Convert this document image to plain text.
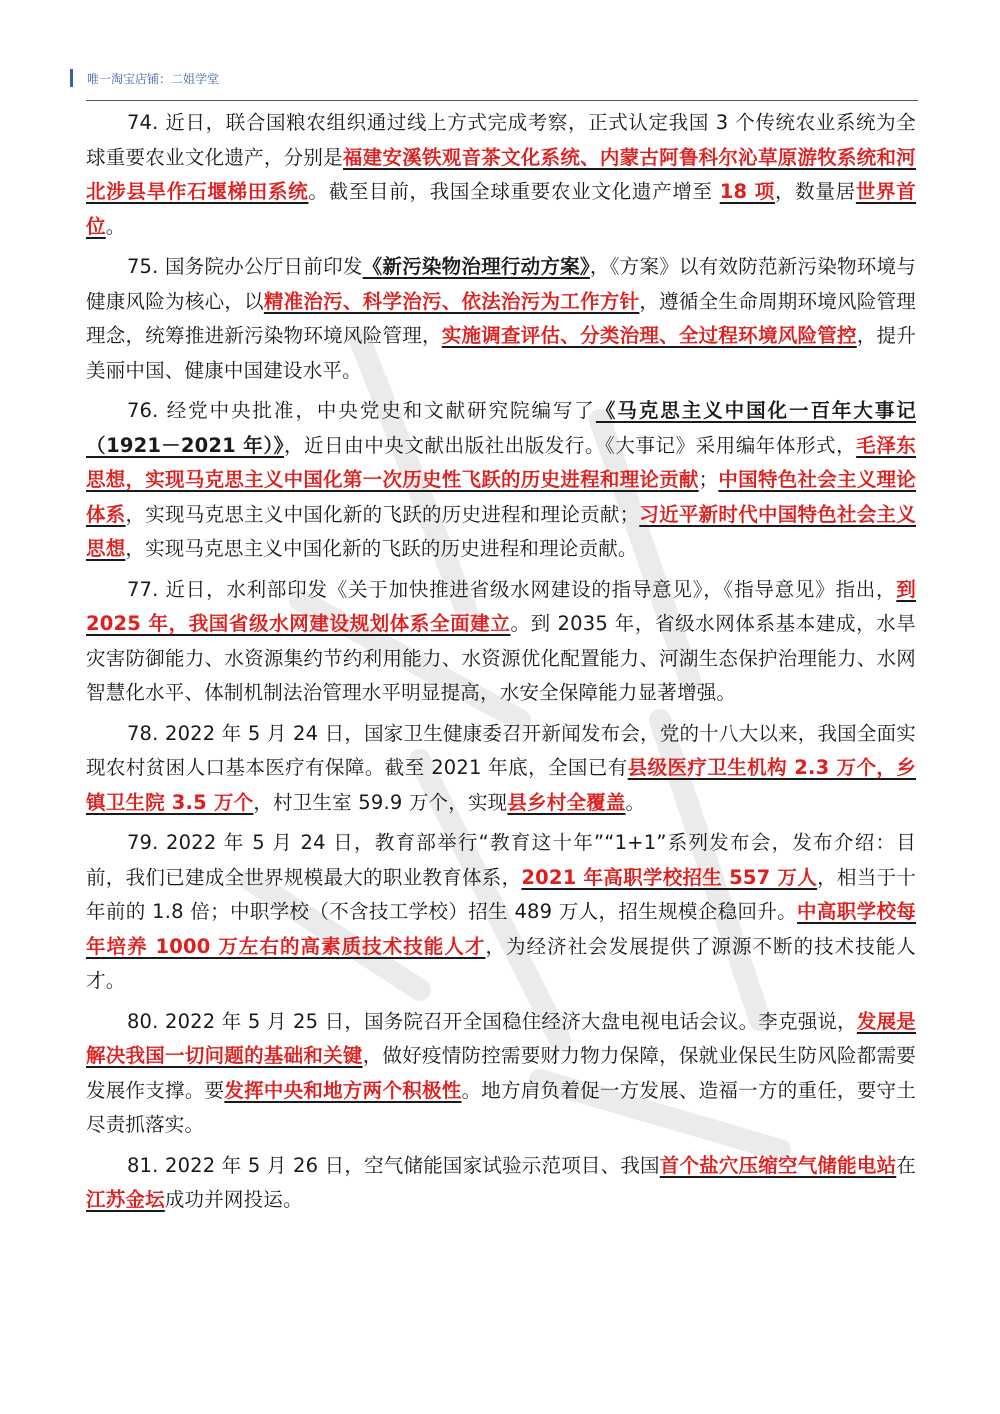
唯一淘宝店铺：二姐学堂

74. 近日，联合国粮农组织通过线上方式完成考察，正式认定我国 3 个传统农业系统为全球重要农业文化遗产，分别是福建安溪铁观音茶文化系统、内蒙古阿鲁科尔沁草原游牧系统和河北涉县旱作石堰梯田系统。截至目前，我国全球重要农业文化遗产增至 18 项，数量居世界首位。

75. 国务院办公厅日前印发《新污染物治理行动方案》，《方案》以有效防范新污染物环境与健康风险为核心，以精准治污、科学治污、依法治污为工作方针，遵循全生命周期环境风险管理理念，统筹推进新污染物环境风险管理，实施调查评估、分类治理、全过程环境风险管控，提升美丽中国、健康中国建设水平。

76. 经党中央批准，中央党史和文献研究院编写了《马克思主义中国化一百年大事记（1921－2021 年）》，近日由中央文献出版社出版发行。《大事记》采用编年体形式，毛泽东思想，实现马克思主义中国化第一次历史性飞跃的历史进程和理论贡献；中国特色社会主义理论体系，实现马克思主义中国化新的飞跃的历史进程和理论贡献；习近平新时代中国特色社会主义思想，实现马克思主义中国化新的飞跃的历史进程和理论贡献。

77. 近日，水利部印发《关于加快推进省级水网建设的指导意见》，《指导意见》指出，到 2025 年，我国省级水网建设规划体系全面建立。到 2035 年，省级水网体系基本建成，水旱灾害防御能力、水资源集约节约利用能力、水资源优化配置能力、河湖生态保护治理能力、水网智慧化水平、体制机制法治管理水平明显提高，水安全保障能力显著增强。

78. 2022 年 5 月 24 日，国家卫生健康委召开新闻发布会，党的十八大以来，我国全面实现农村贫困人口基本医疗有保障。截至 2021 年底，全国已有县级医疗卫生机构 2.3 万个，乡镇卫生院 3.5 万个，村卫生室 59.9 万个，实现县乡村全覆盖。

79. 2022 年 5 月 24 日，教育部举行“教育这十年”“1+1”系列发布会，发布介绍：目前，我们已建成全世界规模最大的职业教育体系，2021 年高职学校招生 557 万人，相当于十年前的 1.8 倍；中职学校（不含技工学校）招生 489 万人，招生规模企稳回升。中高职学校每年培养 1000 万左右的高素质技术技能人才，为经济社会发展提供了源源不断的技术技能人才。

80. 2022 年 5 月 25 日，国务院召开全国稳住经济大盘电视电话会议。李克强说，发展是解决我国一切问题的基础和关键，做好疫情防控需要财力物力保障，保就业保民生防风险都需要发展作支撑。要发挥中央和地方两个积极性。地方肩负着促一方发展、造福一方的重任，要守土尽责抓落实。

81. 2022 年 5 月 26 日，空气储能国家试验示范项目、我国首个盐穴压缩空气储能电站在江苏金坛成功并网投运。
